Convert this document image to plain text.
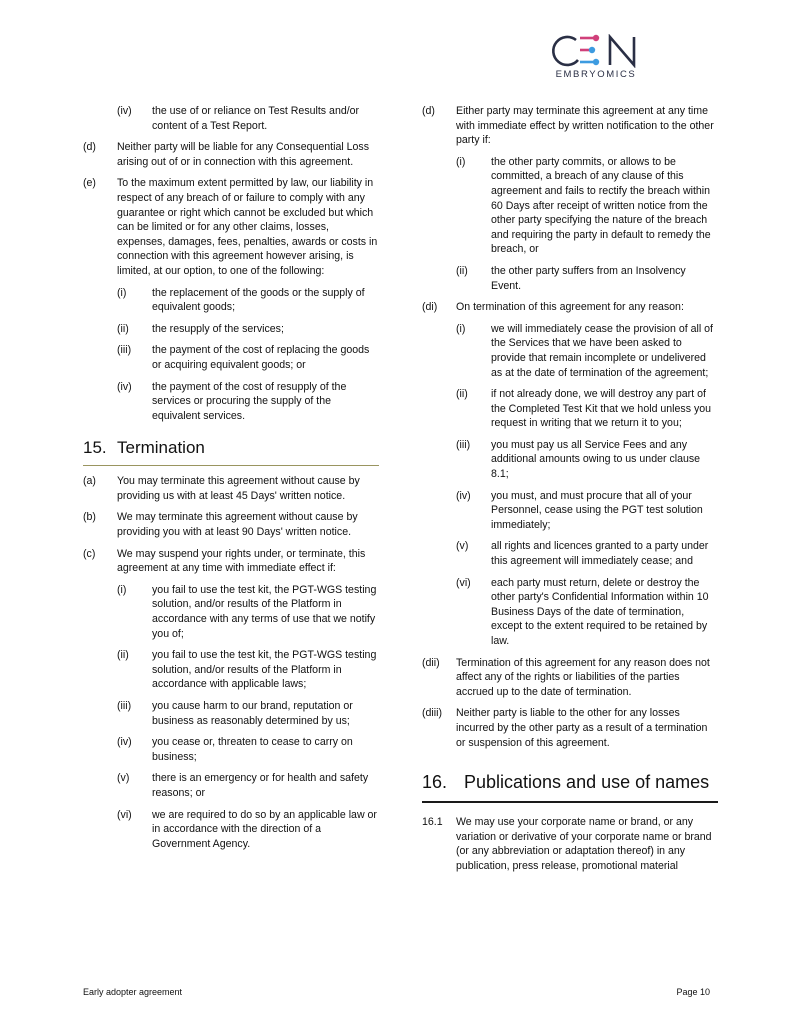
EMBRYOMICS
(iv) the use of or reliance on Test Results and/or content of a Test Report.
(d) Neither party will be liable for any Consequential Loss arising out of or in connection with this agreement.
(e) To the maximum extent permitted by law, our liability in respect of any breach of or failure to comply with any guarantee or right which cannot be excluded but which can be limited or for any other claims, losses, expenses, damages, fees, penalties, awards or costs in connection with this agreement however arising, is limited, at our option, to one of the following:
(i) the replacement of the goods or the supply of equivalent goods;
(ii) the resupply of the services;
(iii) the payment of the cost of replacing the goods or acquiring equivalent goods; or
(iv) the payment of the cost of resupply of the services or procuring the supply of the equivalent services.
15. Termination
(a) You may terminate this agreement without cause by providing us with at least 45 Days' written notice.
(b) We may terminate this agreement without cause by providing you with at least 90 Days' written notice.
(c) We may suspend your rights under, or terminate, this agreement at any time with immediate effect if:
(i) you fail to use the test kit, the PGT-WGS testing solution, and/or results of the Platform in accordance with any terms of use that we notify you of;
(ii) you fail to use the test kit, the PGT-WGS testing solution, and/or results of the Platform in accordance with applicable laws;
(iii) you cause harm to our brand, reputation or business as reasonably determined by us;
(iv) you cease or, threaten to cease to carry on business;
(v) there is an emergency or for health and safety reasons; or
(vi) we are required to do so by an applicable law or in accordance with the direction of a Government Agency.
(d) Either party may terminate this agreement at any time with immediate effect by written notification to the other party if:
(i) the other party commits, or allows to be committed, a breach of any clause of this agreement and fails to rectify the breach within 60 Days after receipt of written notice from the other party specifying the nature of the breach and requiring the party in default to remedy the breach, or
(ii) the other party suffers from an Insolvency Event.
(di) On termination of this agreement for any reason:
(i) we will immediately cease the provision of all of the Services that we have been asked to provide that remain incomplete or undelivered as at the date of termination of the agreement;
(ii) if not already done, we will destroy any part of the Completed Test Kit that we hold unless you request in writing that we return it to you;
(iii) you must pay us all Service Fees and any additional amounts owing to us under clause 8.1;
(iv) you must, and must procure that all of your Personnel, cease using the PGT test solution immediately;
(v) all rights and licences granted to a party under this agreement will immediately cease; and
(vi) each party must return, delete or destroy the other party's Confidential Information within 10 Business Days of the date of termination, except to the extent required to be retained by law.
(dii) Termination of this agreement for any reason does not affect any of the rights or liabilities of the parties accrued up to the date of termination.
(diii) Neither party is liable to the other for any losses incurred by the other party as a result of a termination or suspension of this agreement.
16. Publications and use of names
16.1 We may use your corporate name or brand, or any variation or derivative of your corporate name or brand (or any abbreviation or adaptation thereof) in any publication, press release, promotional material
Early adopter agreement	Page 10
